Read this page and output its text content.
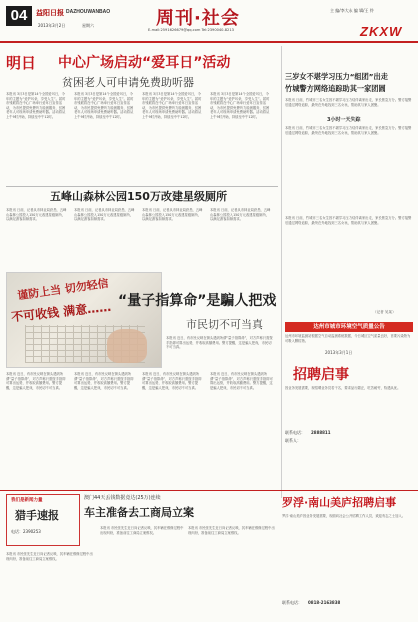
04	益阳日报 DAZHOUWANBAO
2013年3月2日	星期六	周刊·社会
E-mail:2591626679@qq.com Tel:2390040-8213
主 编/李大永 编 辑/王 伶
ZKXW
明日 中心广场启动“爱耳日”活动
贫困老人可申请免费助听器
本报讯 3月3日是第14个全国爱耳日，今年的主题为“爱护耳朵，享受人生”。届时市残联将在中心广场举行爱耳日宣传活动，为市民提供免费听力检测服务，贫困老年人可现场申请免费助听器。活动将从上午9时开始，持续至中午12时。
本报讯 3月3日是第14个全国爱耳日，今年的主题为“爱护耳朵，享受人生”。届时市残联将在中心广场举行爱耳日宣传活动，为市民提供免费听力检测服务，贫困老年人可现场申请免费助听器。活动将从上午9时开始，持续至中午12时。
本报讯 3月3日是第14个全国爱耳日，今年的主题为“爱护耳朵，享受人生”。届时市残联将在中心广场举行爱耳日宣传活动，为市民提供免费听力检测服务，贫困老年人可现场申请免费助听器。活动将从上午9时开始，持续至中午12时。
本报讯 3月3日是第14个全国爱耳日，今年的主题为“爱护耳朵，享受人生”。届时市残联将在中心广场举行爱耳日宣传活动，为市民提供免费听力检测服务，贫困老年人可现场申请免费助听器。活动将从上午9时开始，持续至中午12时。
五峰山森林公园150万改建星级厕所
本报讯 日前，记者从市林业局获悉，五峰山森林公园投入150万元改建星级厕所，以满足游客如厕需求。
本报讯 日前，记者从市林业局获悉，五峰山森林公园投入150万元改建星级厕所，以满足游客如厕需求。
本报讯 日前，记者从市林业局获悉，五峰山森林公园投入150万元改建星级厕所，以满足游客如厕需求。
本报讯 日前，记者从市林业局获悉，五峰山森林公园投入150万元改建星级厕所，以满足游客如厕需求。
谨防上当 切勿轻信
不可收钱 满意…… “量子指算命”是騙人把戏
市民切不可当真
本报讯 近日，有市民反映在街头遇到所谓“量子指算命”，对方声称只需按手指即可算出运势，并收取高额费用。警方提醒，这是骗人把戏，市民切不可当真。
本报讯 近日，有市民反映在街头遇到所谓“量子指算命”，对方声称只需按手指即可算出运势，并收取高额费用。警方提醒，这是骗人把戏，市民切不可当真。
本报讯 近日，有市民反映在街头遇到所谓“量子指算命”，对方声称只需按手指即可算出运势，并收取高额费用。警方提醒，这是骗人把戏，市民切不可当真。
本报讯 近日，有市民反映在街头遇到所谓“量子指算命”，对方声称只需按手指即可算出运势，并收取高额费用。警方提醒，这是骗人把戏，市民切不可当真。
本报讯 近日，有市民反映在街头遇到所谓“量子指算命”，对方声称只需按手指即可算出运势，并收取高额费用。警方提醒，这是骗人把戏，市民切不可当真。
三岁女不堪学习压力“组团”出走
竹城警方网络追踪助其一家团圆
本报讯 日前，竹城市三名女生因不堪学习压力结伴离家出走，家长焦急万分。警方接警后通过网络追踪，最终在外地找到三名女孩，帮助其与家人团聚。
3小时一天失踪
本报讯 日前，竹城市三名女生因不堪学习压力结伴离家出走，家长焦急万分。警方接警后通过网络追踪，最终在外地找到三名女孩，帮助其与家人团聚。
本报讯 日前，竹城市三名女生因不堪学习压力结伴离家出走，家长焦急万分。警方接警后通过网络追踪，最终在外地找到三名女孩，帮助其与家人团聚。
（记者 吴某）
达州市城市环境空气质量公告
达州市环境监测站根据空气自动监测系统数据，今日城区空气质量良好，首要污染物为可吸入颗粒物。
2013年3月1日
招聘启事
因业务发展需要，现招聘业务员若干名，要求品行端正，吃苦耐劳，待遇从优。
联系电话： 2888811
联系人：
我们是新闻力量
猎手速报
电话：2390253
澳门44天丢钱数据竟达(25万)连续
车主准备去工商局立案
本报讯 市民张先生近日向记者反映，其车辆在维修过程中出现纠纷，准备前往工商局立案维权。
本报讯 市民张先生近日向记者反映，其车辆在维修过程中出现纠纷，准备前往工商局立案维权。
本报讯 市民张先生近日向记者反映，其车辆在维修过程中出现纠纷，准备前往工商局立案维权。
罗浮·南山美庐招聘启事
罗浮·南山美庐因业务发展需要，现面向社会公开招聘工作人员，欢迎有志之士加入。
联系电话： 0818-2163838
